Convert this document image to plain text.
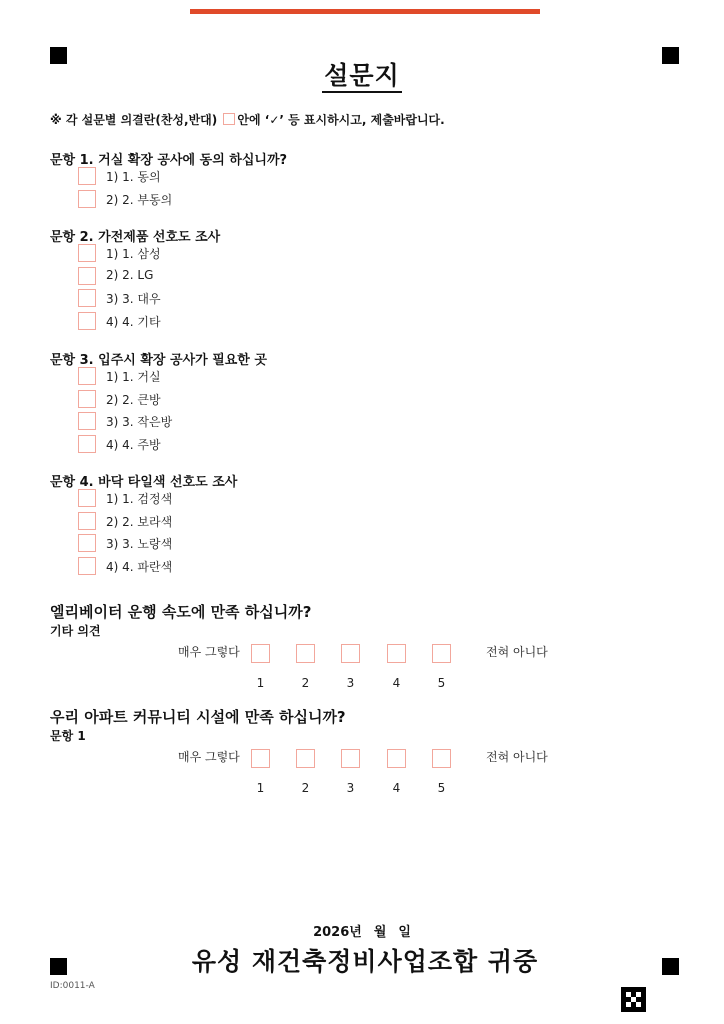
설문지
※ 각 설문별 의결란(찬성,반대) 안에 ‘✓’ 등 표시하시고, 제출바랍니다.
문항 1. 거실 확장 공사에 동의 하십니까?
1) 1. 동의
2) 2. 부동의
문항 2. 가전제품 선호도 조사
1) 1. 삼성
2) 2. LG
3) 3. 대우
4) 4. 기타
문항 3. 입주시 확장 공사가 필요한 곳
1) 1. 거실
2) 2. 큰방
3) 3. 작은방
4) 4. 주방
문항 4. 바닥 타일색 선호도 조사
1) 1. 검정색
2) 2. 보라색
3) 3. 노랑색
4) 4. 파란색
엘리베이터 운행 속도에 만족 하십니까?
기타 의견
매우 그렇다	전혀 아니다
1	2	3	4	5
우리 아파트 커뮤니티 시설에 만족 하십니까?
문항 1
매우 그렇다	전혀 아니다
1	2	3	4	5
2026년 월 일
유성 재건축정비사업조합 귀중
ID:0011-A
